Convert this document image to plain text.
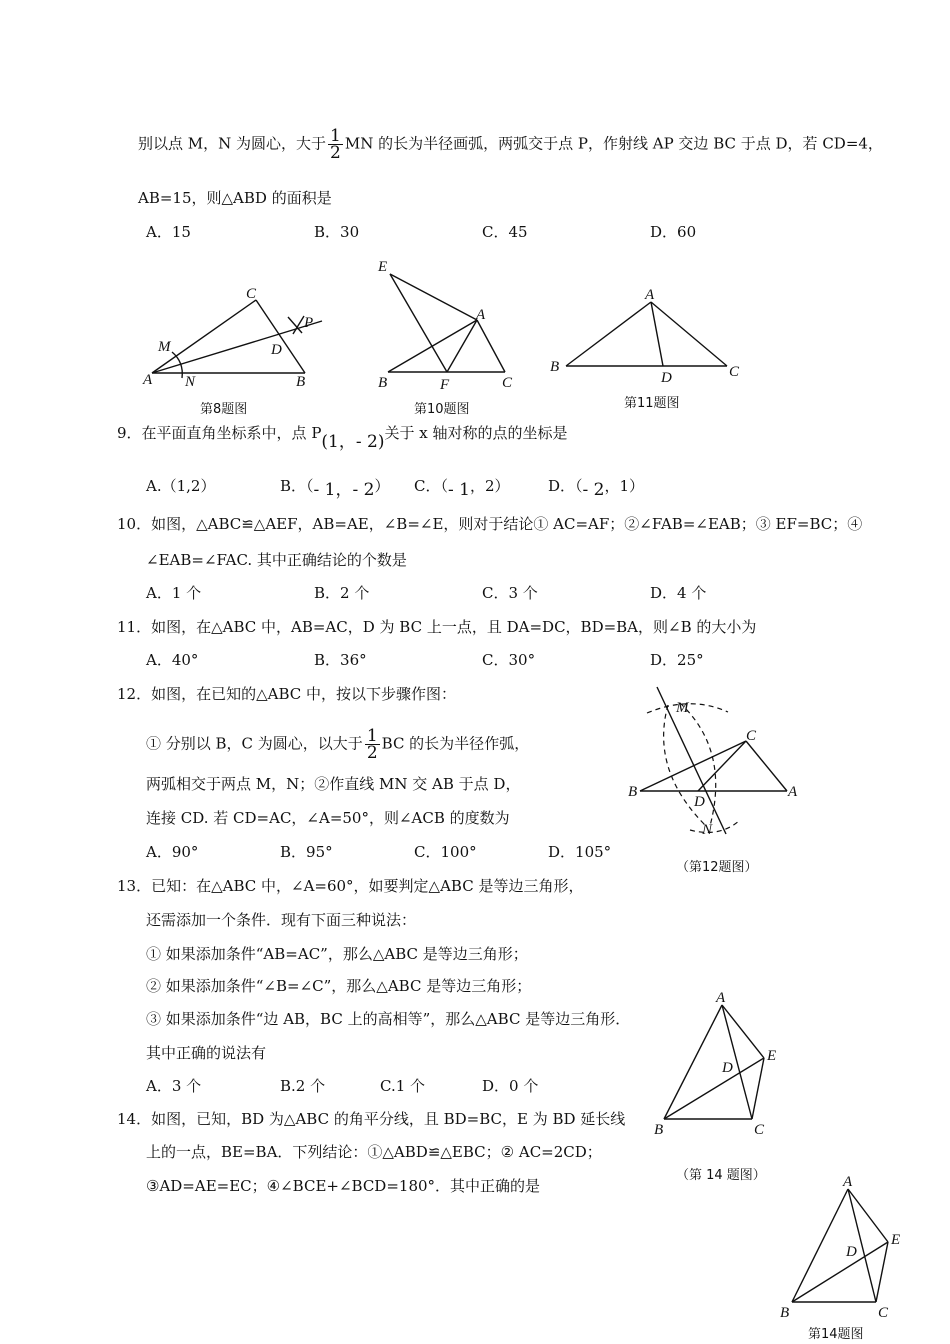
别以点 M，N 为圆心，大于 $\frac{1}{2}$ MN 的长为半径画弧，两弧交于点 P，作射线 AP 交边 BC 于点 D，若 CD=4，
AB=15，则△ABD 的面积是
A．15	B．30	C．45	D．60
C
M
P
D
A N	B
第8题图
E
A
B	F	C
第10题图
A
B
D	C
第11题图
9．在平面直角坐标系中，点 P(1，- 2)关于 x 轴对称的点的坐标是
A.（1,2）	B．（- 1，- 2） C．（- 1，2）	D．（- 2，1）
10．如图，△ABC≌△AEF，AB=AE，∠B=∠E，则对于结论① AC=AF；②∠FAB=∠EAB；③ EF=BC；④
∠EAB=∠FAC. 其中正确结论的个数是
A．1 个	B．2 个	C．3 个	D．4 个
11．如图，在△ABC 中，AB=AC，D 为 BC 上一点，且 DA=DC，BD=BA，则∠B 的大小为
A．40°	B．36°	C．30°	D．25°
12．如图，在已知的△ABC 中，按以下步骤作图：
① 分别以 B，C 为圆心，以大于 $\frac{1}{2}$ BC 的长为半径作弧，
两弧相交于两点 M，N；②作直线 MN 交 AB 于点 D，
连接 CD. 若 CD=AC，∠A=50°，则∠ACB 的度数为
A．90°	B．95°	C．100°	D．105°
M
C
B
D
A
N
（第12题图）
13．已知：在△ABC 中，∠A=60°，如要判定△ABC 是等边三角形，
还需添加一个条件．现有下面三种说法：
① 如果添加条件“AB=AC”，那么△ABC 是等边三角形；
② 如果添加条件“∠B=∠C”，那么△ABC 是等边三角形；
③ 如果添加条件“边 AB，BC 上的高相等”，那么△ABC 是等边三角形．
其中正确的说法有
A．3 个	B.2 个	C.1 个	D．0 个
A
D
E
B	C
（第 14 题图）
14．如图，已知，BD 为△ABC 的角平分线，且 BD=BC，E 为 BD 延长线
上的一点，BE=BA．下列结论：①△ABD≌△EBC；② AC=2CD；
③AD=AE=EC；④∠BCE+∠BCD=180°．其中正确的是	A
E
D
B	C
第14题图
